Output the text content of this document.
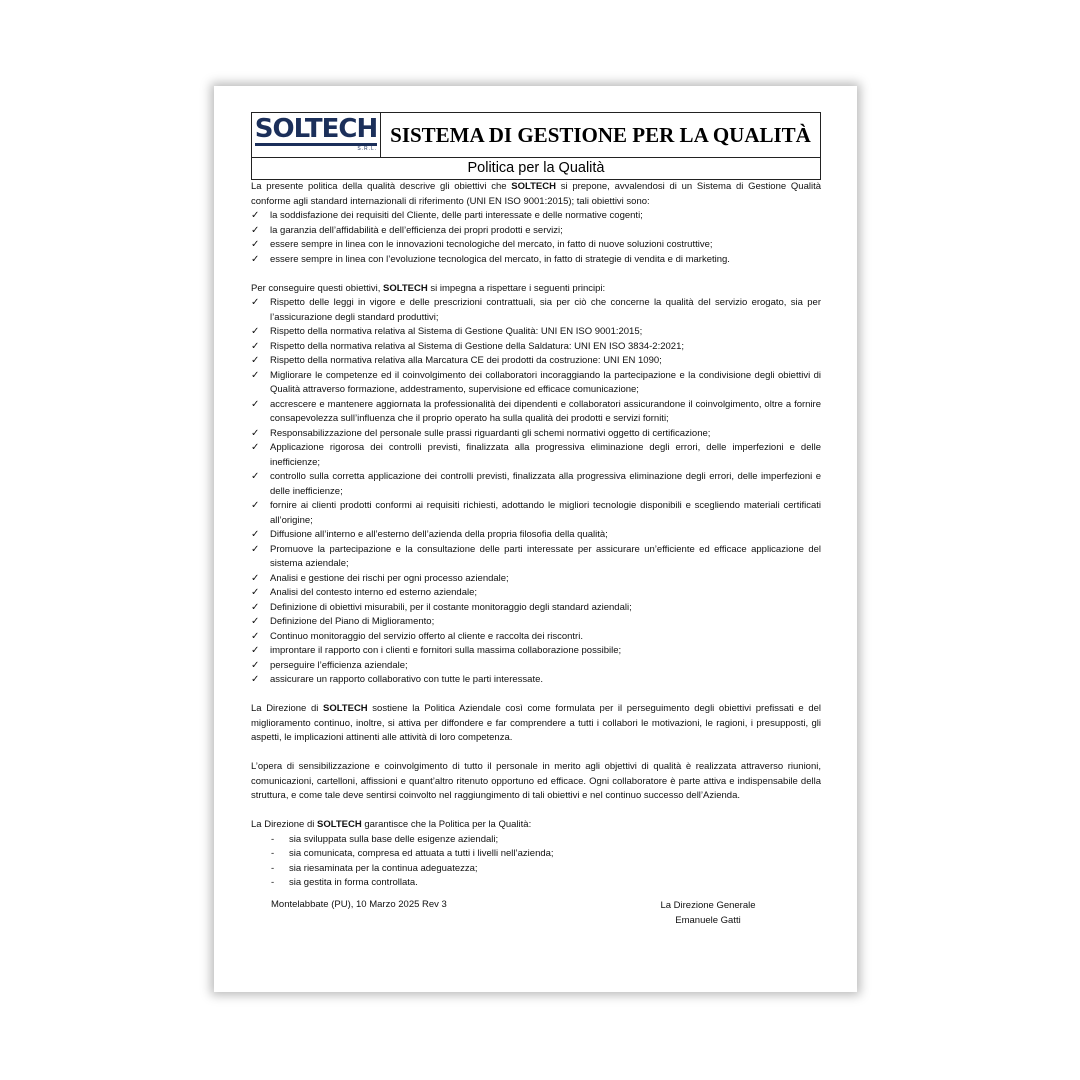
SOLTECH
S.R.L.
	SISTEMA DI GESTIONE PER LA QUALITÀ
Politica per la Qualità

La presente politica della qualità descrive gli obiettivi che SOLTECH si prepone, avvalendosi di un Sistema di Gestione Qualità conforme agli standard internazionali di riferimento (UNI EN ISO 9001:2015); tali obiettivi sono:

✓ la soddisfazione dei requisiti del Cliente, delle parti interessate e delle normative cogenti;
✓ la garanzia dell’affidabilità e dell’efficienza dei propri prodotti e servizi;
✓ essere sempre in linea con le innovazioni tecnologiche del mercato, in fatto di nuove soluzioni costruttive;
✓ essere sempre in linea con l’evoluzione tecnologica del mercato, in fatto di strategie di vendita e di marketing.

Per conseguire questi obiettivi, SOLTECH si impegna a rispettare i seguenti principi:

✓ Rispetto delle leggi in vigore e delle prescrizioni contrattuali, sia per ciò che concerne la qualità del servizio erogato, sia per l’assicurazione degli standard produttivi;
✓ Rispetto della normativa relativa al Sistema di Gestione Qualità: UNI EN ISO 9001:2015;
✓ Rispetto della normativa relativa al Sistema di Gestione della Saldatura: UNI EN ISO 3834-2:2021;
✓ Rispetto della normativa relativa alla Marcatura CE dei prodotti da costruzione: UNI EN 1090;
✓ Migliorare le competenze ed il coinvolgimento dei collaboratori incoraggiando la partecipazione e la condivisione degli obiettivi di Qualità attraverso formazione, addestramento, supervisione ed efficace comunicazione;
✓ accrescere e mantenere aggiornata la professionalità dei dipendenti e collaboratori assicurandone il coinvolgimento, oltre a fornire consapevolezza sull’influenza che il proprio operato ha sulla qualità dei prodotti e servizi forniti;
✓ Responsabilizzazione del personale sulle prassi riguardanti gli schemi normativi oggetto di certificazione;
✓ Applicazione rigorosa dei controlli previsti, finalizzata alla progressiva eliminazione degli errori, delle imperfezioni e delle inefficienze;
✓ controllo sulla corretta applicazione dei controlli previsti, finalizzata alla progressiva eliminazione degli errori, delle imperfezioni e delle inefficienze;
✓ fornire ai clienti prodotti conformi ai requisiti richiesti, adottando le migliori tecnologie disponibili e scegliendo materiali certificati all’origine;
✓ Diffusione all’interno e all’esterno dell’azienda della propria filosofia della qualità;
✓ Promuove la partecipazione e la consultazione delle parti interessate per assicurare un’efficiente ed efficace applicazione del sistema aziendale;
✓ Analisi e gestione dei rischi per ogni processo aziendale;
✓ Analisi del contesto interno ed esterno aziendale;
✓ Definizione di obiettivi misurabili, per il costante monitoraggio degli standard aziendali;
✓ Definizione del Piano di Miglioramento;
✓ Continuo monitoraggio del servizio offerto al cliente e raccolta dei riscontri.
✓ improntare il rapporto con i clienti e fornitori sulla massima collaborazione possibile;
✓ perseguire l’efficienza aziendale;
✓ assicurare un rapporto collaborativo con tutte le parti interessate.

La Direzione di SOLTECH sostiene la Politica Aziendale così come formulata per il perseguimento degli obiettivi prefissati e del miglioramento continuo, inoltre, si attiva per diffondere e far comprendere a tutti i collabori le motivazioni, le ragioni, i presupposti, gli aspetti, le implicazioni attinenti alle attività di loro competenza.

L’opera di sensibilizzazione e coinvolgimento di tutto il personale in merito agli objettivi di qualità è realizzata attraverso riunioni, comunicazioni, cartelloni, affissioni e quant’altro ritenuto opportuno ed efficace. Ogni collaboratore è parte attiva e indispensabile della struttura, e come tale deve sentirsi coinvolto nel raggiungimento di tali obiettivi e nel continuo successo dell’Azienda.

La Direzione di SOLTECH garantisce che la Politica per la Qualità:

- sia sviluppata sulla base delle esigenze aziendali;
- sia comunicata, compresa ed attuata a tutti i livelli nell’azienda;
- sia riesaminata per la continua adeguatezza;
- sia gestita in forma controllata.
Montelabbate (PU), 10 Marzo 2025 Rev 3	La Direzione Generale
Emanuele Gatti
